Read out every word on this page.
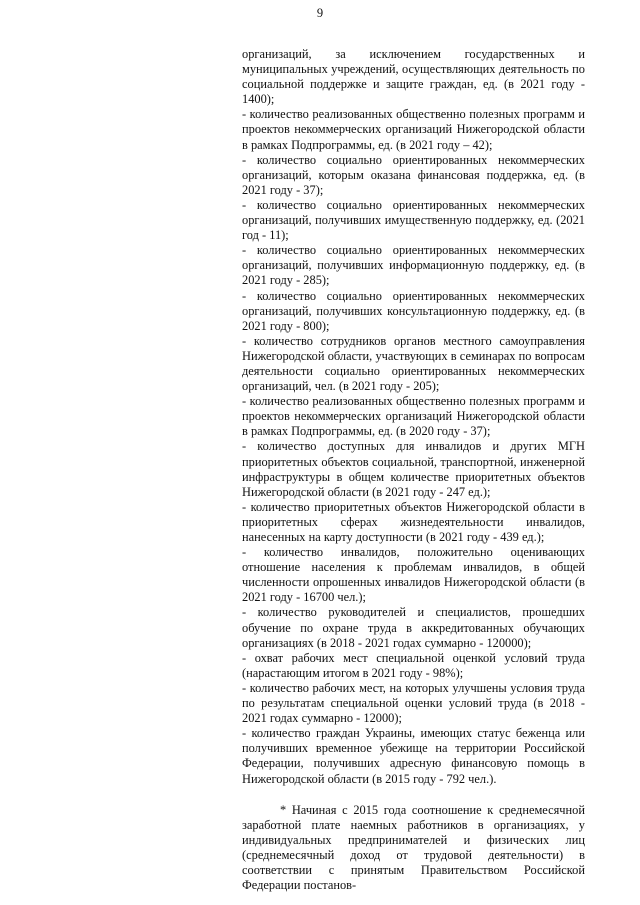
9

организаций, за исключением государственных и муниципальных учреждений, осуществляющих деятельность по социальной поддержке и защите граждан, ед. (в 2021 году - 1400);

- количество реализованных общественно полезных программ и проектов некоммерческих организаций Нижегородской области в рамках Подпрограммы, ед. (в 2021 году – 42);

- количество социально ориентированных некоммерческих организаций, которым оказана финансовая поддержка, ед. (в 2021 году - 37);

- количество социально ориентированных некоммерческих организаций, получивших имущественную поддержку, ед. (2021 год - 11);

- количество социально ориентированных некоммерческих организаций, получивших информационную поддержку, ед. (в 2021 году - 285);

- количество социально ориентированных некоммерческих организаций, получивших консультационную поддержку, ед. (в 2021 году - 800);

- количество сотрудников органов местного самоуправления Нижегородской области, участвующих в семинарах по вопросам деятельности социально ориентированных некоммерческих организаций, чел. (в 2021 году - 205);

- количество реализованных общественно полезных программ и проектов некоммерческих организаций Нижегородской области в рамках Подпрограммы, ед. (в 2020 году - 37);

- количество доступных для инвалидов и других МГН приоритетных объектов социальной, транспортной, инженерной инфраструктуры в общем количестве приоритетных объектов Нижегородской области (в 2021 году - 247 ед.);

- количество приоритетных объектов Нижегородской области в приоритетных сферах жизнедеятельности инвалидов, нанесенных на карту доступности (в 2021 году - 439 ед.);

- количество инвалидов, положительно оценивающих отношение населения к проблемам инвалидов, в общей численности опрошенных инвалидов Нижегородской области (в 2021 году - 16700 чел.);

- количество руководителей и специалистов, прошедших обучение по охране труда в аккредитованных обучающих организациях (в 2018 - 2021 годах суммарно - 120000);

- охват рабочих мест специальной оценкой условий труда (нарастающим итогом в 2021 году - 98%);

- количество рабочих мест, на которых улучшены условия труда по результатам специальной оценки условий труда (в 2018 - 2021 годах суммарно - 12000);

- количество граждан Украины, имеющих статус беженца или получивших временное убежище на территории Российской Федерации, получивших адресную финансовую помощь в Нижегородской области (в 2015 году - 792 чел.).

* Начиная с 2015 года соотношение к среднемесячной заработной плате наемных работников в организациях, у индивидуальных предпринимателей и физических лиц (среднемесячный доход от трудовой деятельности) в соответствии с принятым Правительством Российской Федерации постанов-
